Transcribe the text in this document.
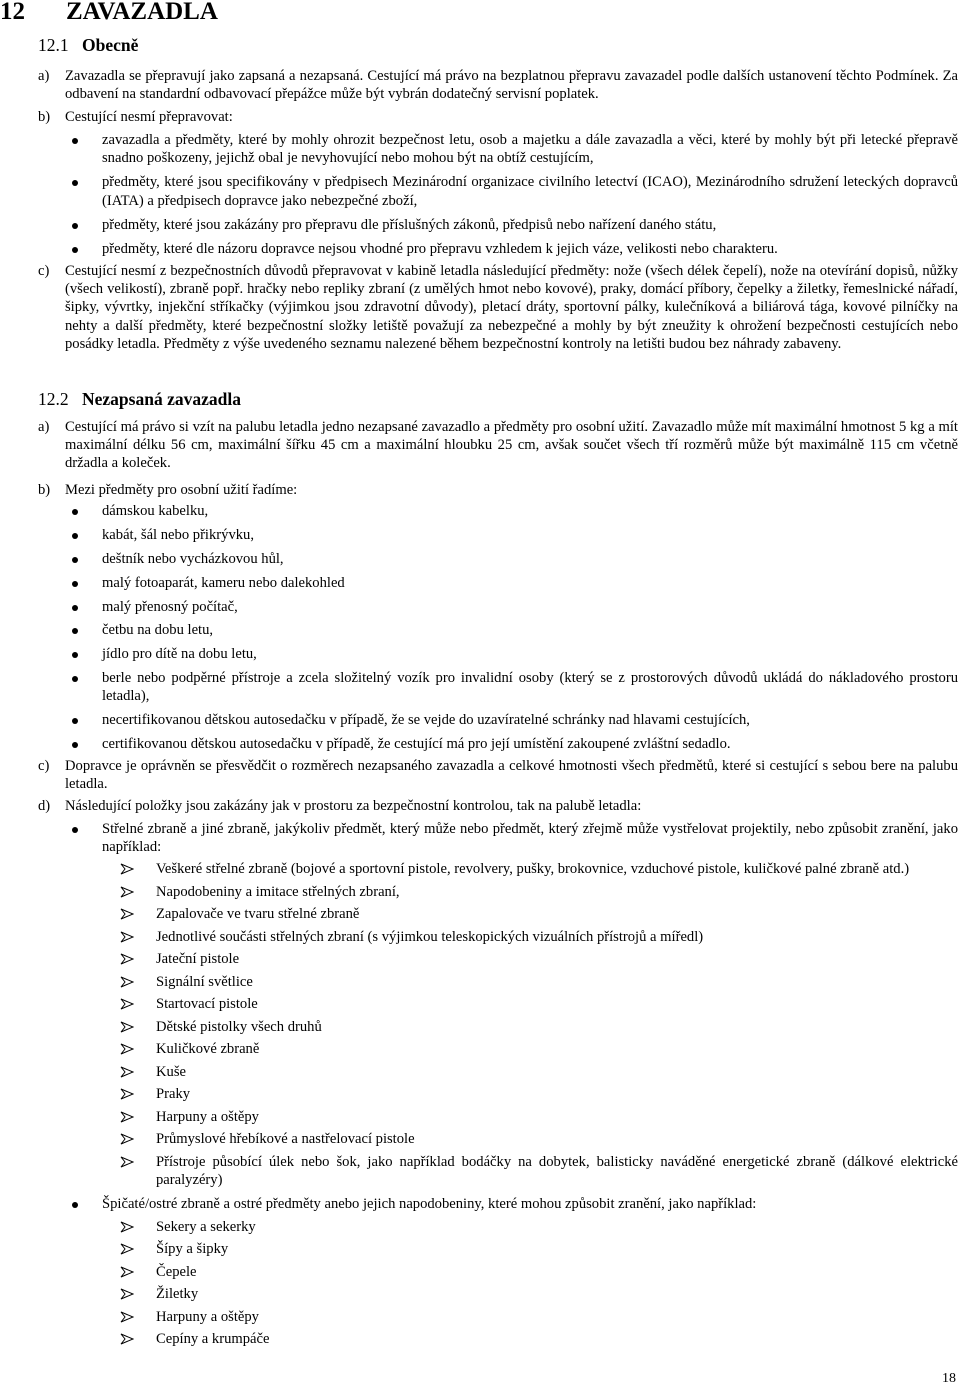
12 ZAVAZADLA
12.1 Obecně
a) Zavazadla se přepravují jako zapsaná a nezapsaná. Cestující má právo na bezplatnou přepravu zavazadel podle dalších ustanovení těchto Podmínek. Za odbavení na standardní odbavovací přepážce může být vybrán dodatečný servisní poplatek.
b) Cestující nesmí přepravovat:
zavazadla a předměty, které by mohly ohrozit bezpečnost letu, osob a majetku a dále zavazadla a věci, které by mohly být při letecké přepravě snadno poškozeny, jejichž obal je nevyhovující nebo mohou být na obtíž cestujícím,
předměty, které jsou specifikovány v předpisech Mezinárodní organizace civilního letectví (ICAO), Mezinárodního sdružení leteckých dopravců (IATA) a předpisech dopravce jako nebezpečné zboží,
předměty, které jsou zakázány pro přepravu dle příslušných zákonů, předpisů nebo nařízení daného státu,
předměty, které dle názoru dopravce nejsou vhodné pro přepravu vzhledem k jejich váze, velikosti nebo charakteru.
c) Cestující nesmí z bezpečnostních důvodů přepravovat v kabině letadla následující předměty: nože (všech délek čepelí), nože na otevírání dopisů, nůžky (všech velikostí), zbraně popř. hračky nebo repliky zbraní (z umělých hmot nebo kovové), praky, domácí příbory, čepelky a žiletky, řemeslnické nářadí, šipky, vývrtky, injekční stříkačky (výjimkou jsou zdravotní důvody), pletací dráty, sportovní pálky, kulečníková a biliárová tága, kovové pilníčky na nehty a další předměty, které bezpečnostní složky letiště považují za nebezpečné a mohly by být zneužity k ohrožení bezpečnosti cestujících nebo posádky letadla. Předměty z výše uvedeného seznamu nalezené během bezpečnostní kontroly na letišti budou bez náhrady zabaveny.
12.2 Nezapsaná zavazadla
a) Cestující má právo si vzít na palubu letadla jedno nezapsané zavazadlo a předměty pro osobní užití. Zavazadlo může mít maximální hmotnost 5 kg a mít maximální délku 56 cm, maximální šířku 45 cm a maximální hloubku 25 cm, avšak součet všech tří rozměrů může být maximálně 115 cm včetně držadla a koleček.
b) Mezi předměty pro osobní užití řadíme:
dámskou kabelku,
kabát, šál nebo přikrývku,
deštník nebo vycházkovou hůl,
malý fotoaparát, kameru nebo dalekohled
malý přenosný počítač,
četbu na dobu letu,
jídlo pro dítě na dobu letu,
berle nebo podpěrné přístroje a zcela složitelný vozík pro invalidní osoby (který se z prostorových důvodů ukládá do nákladového prostoru letadla),
necertifikovanou dětskou autosedačku v případě, že se vejde do uzavíratelné schránky nad hlavami cestujících,
certifikovanou dětskou autosedačku v případě, že cestující má pro její umístění zakoupené zvláštní sedadlo.
c) Dopravce je oprávněn se přesvědčit o rozměrech nezapsaného zavazadla a celkové hmotnosti všech předmětů, které si cestující s sebou bere na palubu letadla.
d) Následující položky jsou zakázány jak v prostoru za bezpečnostní kontrolou, tak na palubě letadla:
Střelné zbraně a jiné zbraně, jakýkoliv předmět, který může nebo předmět, který zřejmě může vystřelovat projektily, nebo způsobit zranění, jako například:
Veškeré střelné zbraně (bojové a sportovní pistole, revolvery, pušky, brokovnice, vzduchové pistole, kuličkové palné zbraně atd.)
Napodobeniny a imitace střelných zbraní,
Zapalovače ve tvaru střelné zbraně
Jednotlivé součásti střelných zbraní (s výjimkou teleskopických vizuálních přístrojů a míředl)
Jateční pistole
Signální světlice
Startovací pistole
Dětské pistolky všech druhů
Kuličkové zbraně
Kuše
Praky
Harpuny a oštěpy
Průmyslové hřebíkové a nastřelovací pistole
Přístroje působící úlek nebo šok, jako například bodáčky na dobytek, balisticky naváděné energetické zbraně (dálkové elektrické paralyzéry)
Špičaté/ostré zbraně a ostré předměty anebo jejich napodobeniny, které mohou způsobit zranění, jako například:
Sekery a sekerky
Šípy a šipky
Čepele
Žiletky
Harpuny a oštěpy
Cepíny a krumpáče
18
